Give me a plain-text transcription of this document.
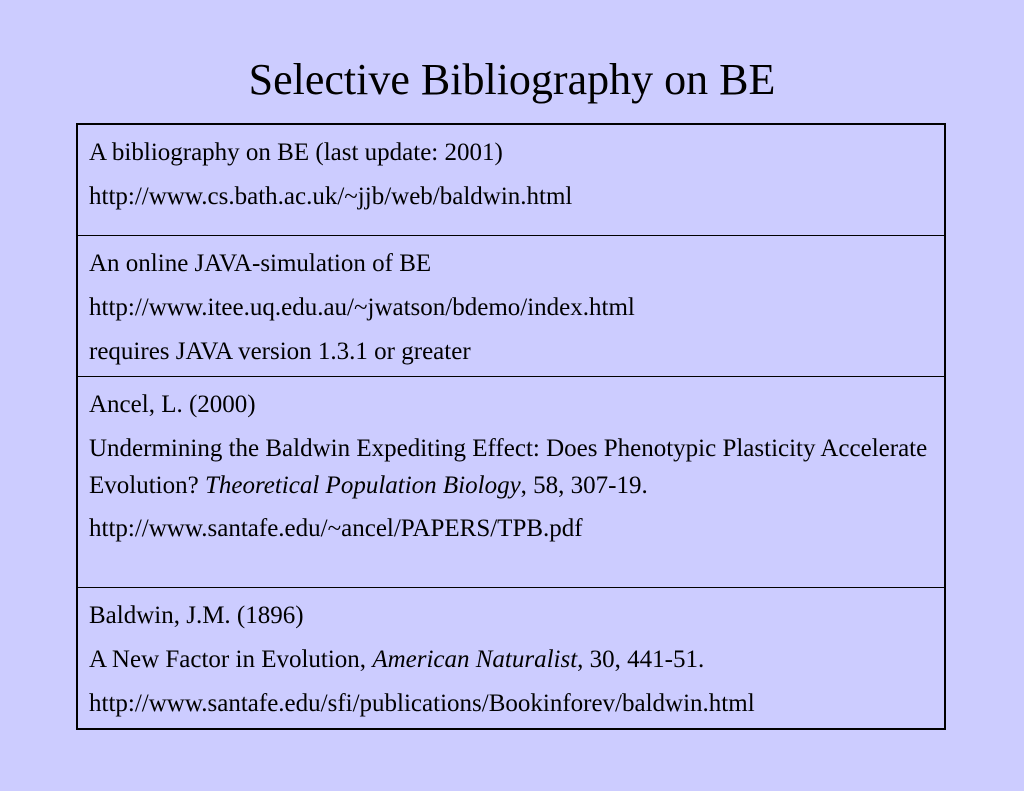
Selective Bibliography on BE
A bibliography on BE (last update: 2001)
http://www.cs.bath.ac.uk/~jjb/web/baldwin.html
An online JAVA-simulation of BE
http://www.itee.uq.edu.au/~jwatson/bdemo/index.html
requires JAVA version 1.3.1 or greater
Ancel, L. (2000)
Undermining the Baldwin Expediting Effect: Does Phenotypic Plasticity Accelerate Evolution? Theoretical Population Biology, 58, 307-19.
http://www.santafe.edu/~ancel/PAPERS/TPB.pdf
Baldwin, J.M. (1896)
A New Factor in Evolution, American Naturalist, 30, 441-51.
http://www.santafe.edu/sfi/publications/Bookinforev/baldwin.html
